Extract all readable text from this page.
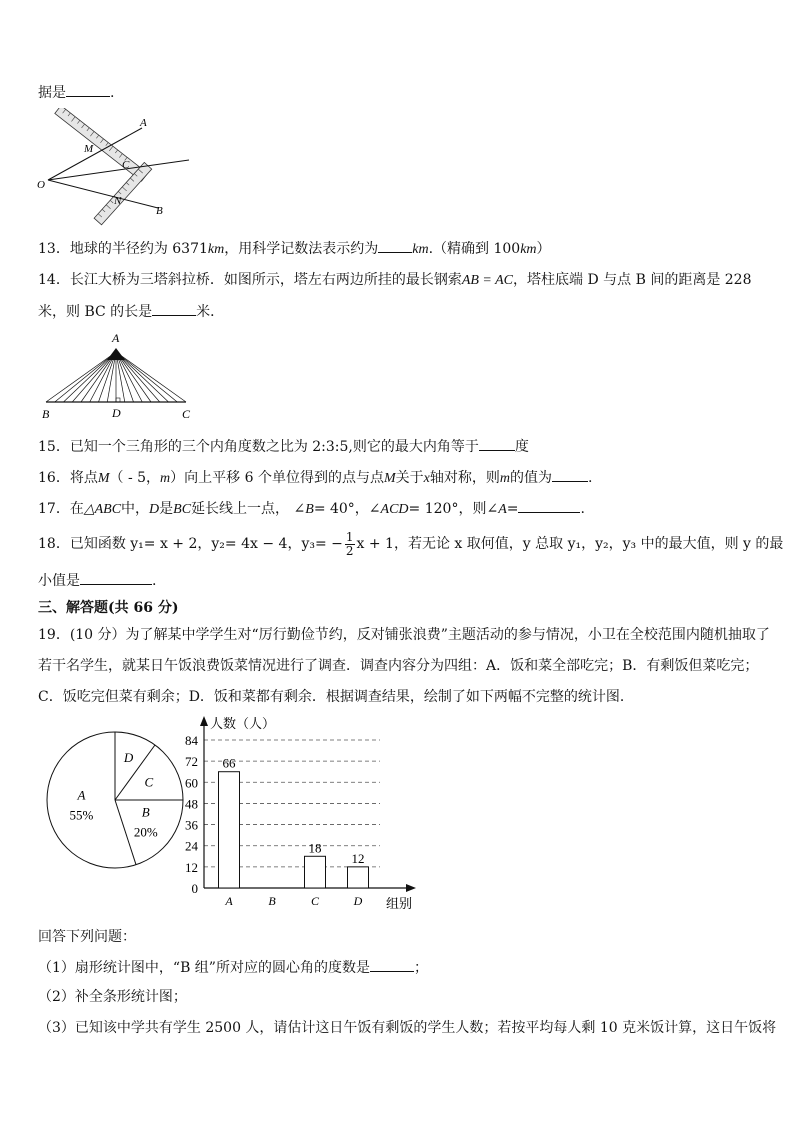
据是	.
A
M
C
O
N
B
13．地球的半径约为 6371km，用科学记数法表示约为 km.（精确到 100km）
14．长江大桥为三塔斜拉桥．如图所示，塔左右两边所挂的最长钢索AB = AC，塔柱底端 D 与点 B 间的距离是 228
米，则 BC 的长是	米．
A
B	D	C
15．已知一个三角形的三个内角度数之比为 2:3:5,则它的最大内角等于	度
16．将点M（ - 5，m）向上平移 6 个单位得到的点与点M关于x轴对称，则m的值为	.
17．在△ABC中，D是BC延长线上一点， ∠B= 40°，∠ACD= 120°，则∠A=	.
18．已知函数 y₁= x + 2，y₂= 4x − 4，$y_3= - \frac{1}{2}$ x + 1，若无论 x 取何值，y 总取 y₁，y₂，y₃ 中的最大值，则 y 的最
小值是	.
三、解答题(共 66 分)
19．(10 分）为了解某中学学生对“厉行勤俭节约，反对铺张浪费”主题活动的参与情况，小卫在全校范围内随机抽取了
若干名学生，就某日午饭浪费饭菜情况进行了调查．调查内容分为四组：A．饭和菜全部吃完；B．有剩饭但菜吃完；
C．饭吃完但菜有剩余；D．饭和菜都有剩余．根据调查结果，绘制了如下两幅不完整的统计图．
A
55%	B
20%
C
D
0
12
24
36
48
60
72
84
人数（人）
组别
A
66
B	C
18
D
12
回答下列问题：
（1）扇形统计图中，“B 组”所对应的圆心角的度数是	；
（2）补全条形统计图；
（3）已知该中学共有学生 2500 人，请估计这日午饭有剩饭的学生人数；若按平均每人剩 10 克米饭计算，这日午饭将
